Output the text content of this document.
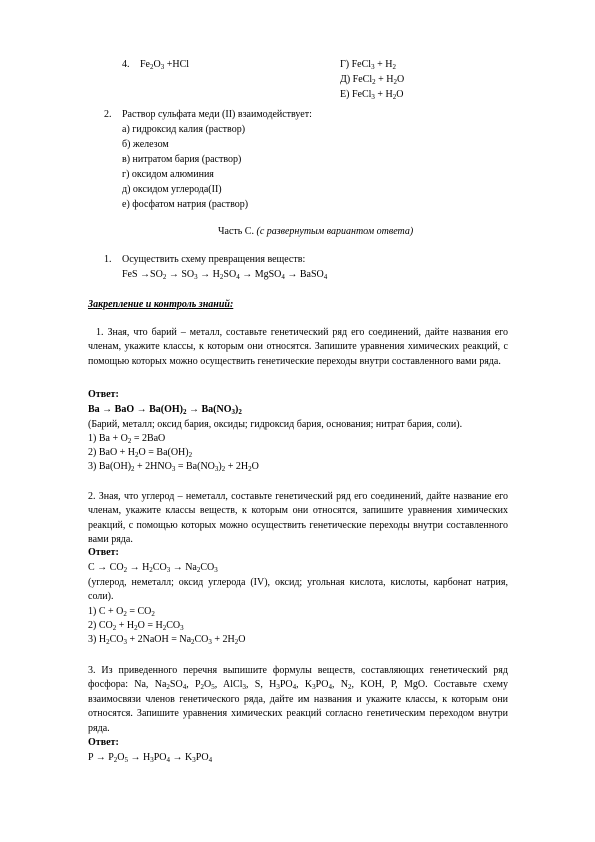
4. $Fe_2O_3 +HCl$	Г) FeCl$_3$ + $H_2$
Д) FeCl$_2$ + $H_2O$
Е) FeCl$_3$ + $H_2O$
2. Раствор сульфата меди (II) взаимодействует:
а) гидроксид калия (раствор)
б) железом
в) нитратом бария (раствор)
г) оксидом алюминия
д) оксидом углерода(II)
е) фосфатом натрия (раствор)
Часть С. (с развернутым вариантом ответа)
1. Осуществить схему превращения веществ:
FeS $\to SO_2 \to SO_3 \to H_2SO_4$ → MgSO$_4$ → BaSO$_4$
Закрепление и контроль знаний:
1. Зная, что барий – металл, составьте генетический ряд его соединений, дайте названия его членам, укажите классы, к которым они относятся. Запишите уравнения химических реакций, с помощью которых можно осуществить генетические переходы внутри составленного вами ряда.
Ответ:
Ba → BaO → $Ba(OH)_2 \to Ba(NO_3)_2$
(Барий, металл; оксид бария, оксиды; гидроксид бария, основания; нитрат бария, соли).
1) $Ba + O_2 = 2BaO$
2) BaO + $H_2O = Ba(OH)_2$
3) $Ba(OH)_2 + 2HNO_3 = Ba(NO_3)_2 + 2H_2O$
2. Зная, что углерод – неметалл, составьте генетический ряд его соединений, дайте название его членам, укажите классы веществ, к которым они относятся, запишите уравнения химических реакций, с помощью которых можно осуществить генетические переходы внутри составленного вами ряда.
Ответ:
$C \to CO_2 \to H_2CO_3 \to Na_2CO_3$
(углерод, неметалл; оксид углерода (IV), оксид; угольная кислота, кислоты, карбонат натрия, соли).
1) $C + O_2 = CO_2$
2) $CO_2 + H_2O = H_2CO_3$
3) $H_2CO_3$ + 2NaOH = $Na_2CO_3 + 2H_2O$
3. Из приведенного перечня выпишите формулы веществ, составляющих генетический ряд фосфора: Na, $Na_2SO_4$, $P_2O_5$, AlCl$_3$, S, $H_3PO_4$, $K_3PO_4$, $N_2$, KOH, P, MgO. Составьте схему взаимосвязи членов генетического ряда, дайте им названия и укажите классы, к которым они относятся. Запишите уравнения химических реакций согласно генетическим переходом внутри ряда.
Ответ:
$P \to P_2O_5 \to H_3PO_4 \to K_3PO_4$
